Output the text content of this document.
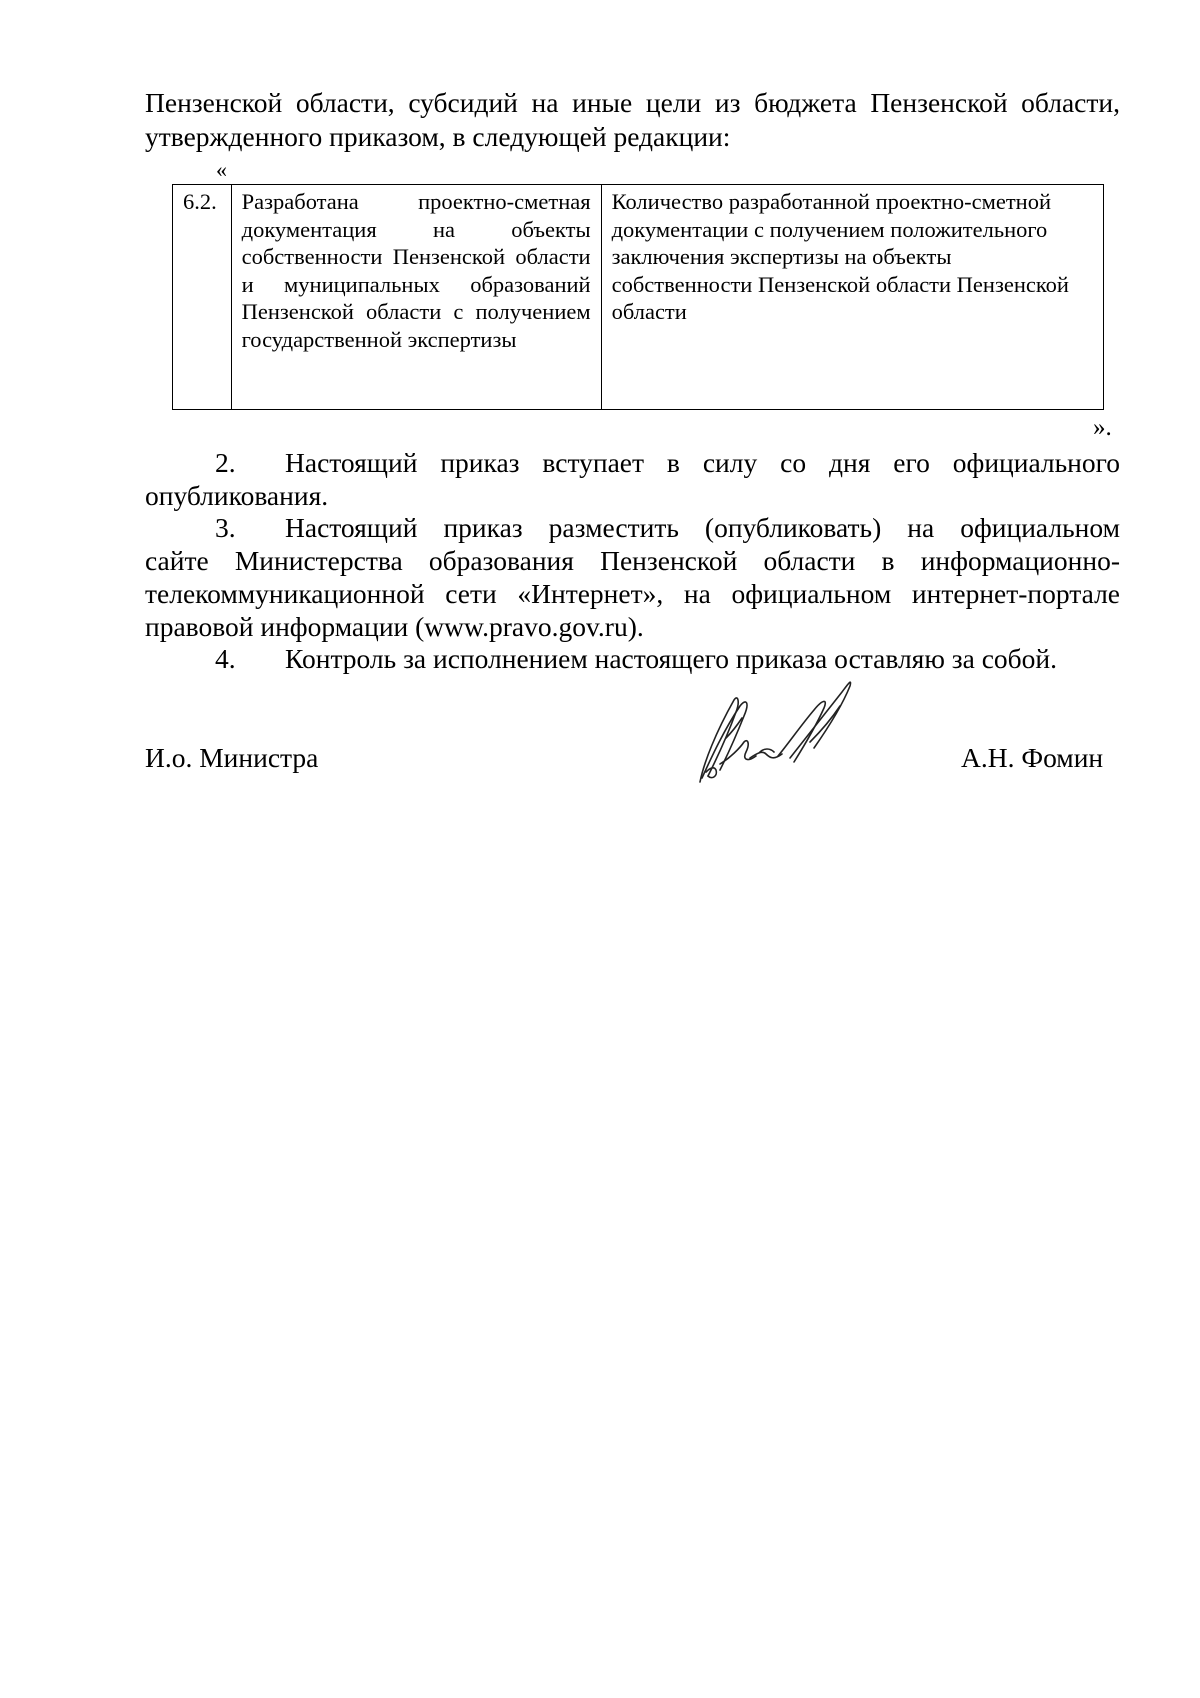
Пензенской области, субсидий на иные цели из бюджета Пензенской области,
утвержденного приказом, в следующей редакции:
«
6.2.	Разработана проектно-сметная документация на объекты собственности Пензенской области и муниципальных образований Пензенской области с получением государственной экспертизы	Количество разработанной проектно-сметной документации с получением положительного заключения экспертизы на объекты собственности Пензенской области Пензенской области
».
2. Настоящий приказ вступает в силу со дня его официального
опубликования.
3. Настоящий приказ разместить (опубликовать) на официальном
сайте Министерства образования Пензенской области в информационно-телекоммуникационной сети «Интернет», на официальном интернет-портале правовой информации (www.pravo.gov.ru).
4. Контроль за исполнением настоящего приказа оставляю за собой.
И.о. Министра	А.Н. Фомин
